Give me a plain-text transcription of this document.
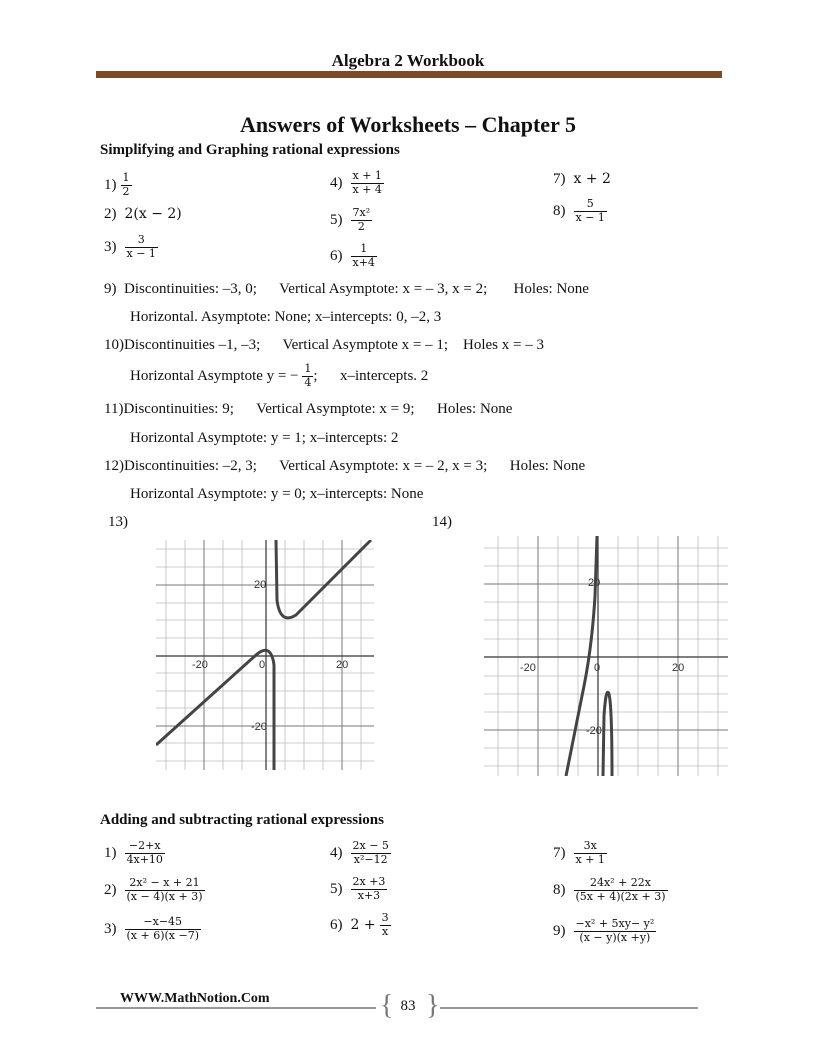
Algebra 2 Workbook
Answers of Worksheets – Chapter 5
Simplifying and Graphing rational expressions
1)
$\frac{1}{2}$
2)
2(x − 2)
3)
$\frac{3}{x - 1}$
4)
$\frac{x + 1}{x + 4}$
5)
$\frac{\text{7x²}}{2}$
6)
$\frac{1}{x+4}$
7)
x + 2
8)
$\frac{5}{x - 1}$
9) Discontinuities: –3, 0;      Vertical Asymptote: x = – 3, x = 2;       Holes: None
Horizontal. Asymptote: None; x–intercepts: 0, –2, 3
10)Discontinuities –1, –3;      Vertical Asymptote x = – 1;    Holes x = – 3
Horizontal Asymptote y = −
$\frac{1}{4}$ ;      x–intercepts. 2
11)Discontinuities: 9;      Vertical Asymptote: x = 9;      Holes: None
Horizontal Asymptote: y = 1; x–intercepts: 2
12)Discontinuities: –2, 3;      Vertical Asymptote: x = – 2, x = 3;      Holes: None
Horizontal Asymptote: y = 0; x–intercepts: None
13)	14)
-20	0	20
20
-20
-20	0	20
20
-20
Adding and subtracting rational expressions
1)
$\frac{-2+x}{4x+10}$
2)
$\frac{\text{2x² − x + 21}}{(x - 4)(x + 3)}$
3)
$\frac{-x-45}{(x + 6)(x -7)}$
4)
$\frac{2x - 5}{\text{x²−12}}$
5)
$\frac{2x +3}{x+3}$
6)
2 +
$\frac{3}{x}$
7)
$\frac{3x}{x + 1}$
8)
$\frac{\text{24x² + 22x}}{(5x + 4)(2x + 3)}$
9)
$\frac{\text{−x² + 5xy− y²}}{(x - y)(x +y)}$
WWW.MathNotion.Com	{ 83 }
